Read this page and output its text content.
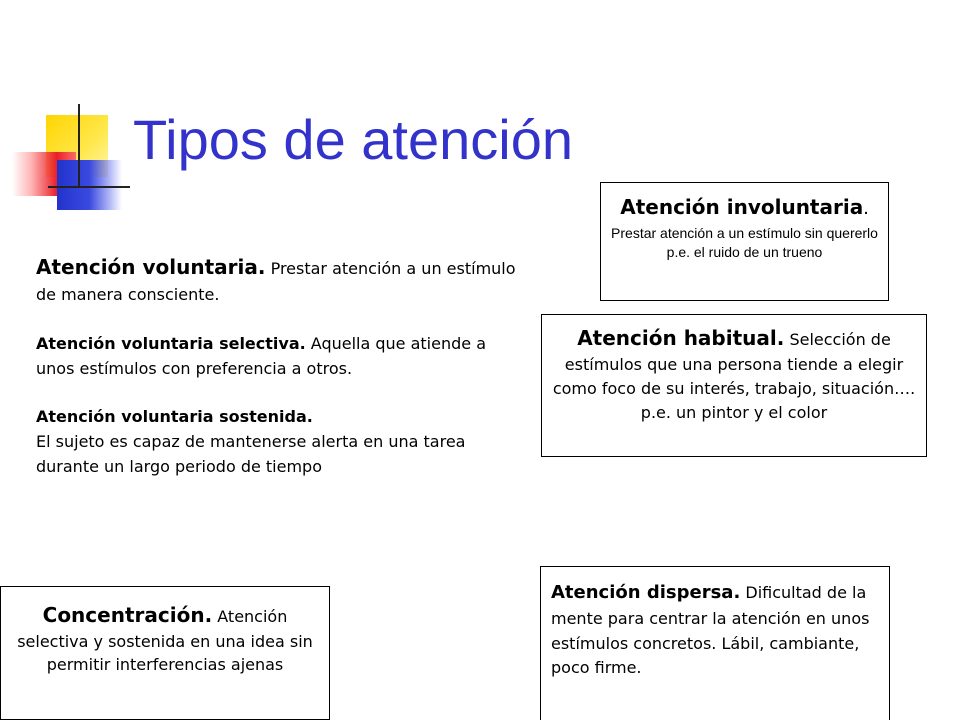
Tipos de atención

Atención voluntaria. Prestar atención a un estímulo de manera consciente.

Atención voluntaria selectiva. Aquella que atiende a unos estímulos con preferencia a otros.

Atención voluntaria sostenida.

El sujeto es capaz de mantenerse alerta en una tarea durante un largo periodo de tiempo

Atención involuntaria.
Prestar atención a un estímulo sin quererlo p.e. el ruido de un trueno
Atención habitual. Selección de estímulos que una persona tiende a elegir como foco de su interés, trabajo, situación…. p.e. un pintor y el color
Concentración. Atención selectiva y sostenida en una idea sin permitir interferencias ajenas
Atención dispersa. Dificultad de la mente para centrar la atención en unos estímulos concretos. Lábil, cambiante, poco firme.
